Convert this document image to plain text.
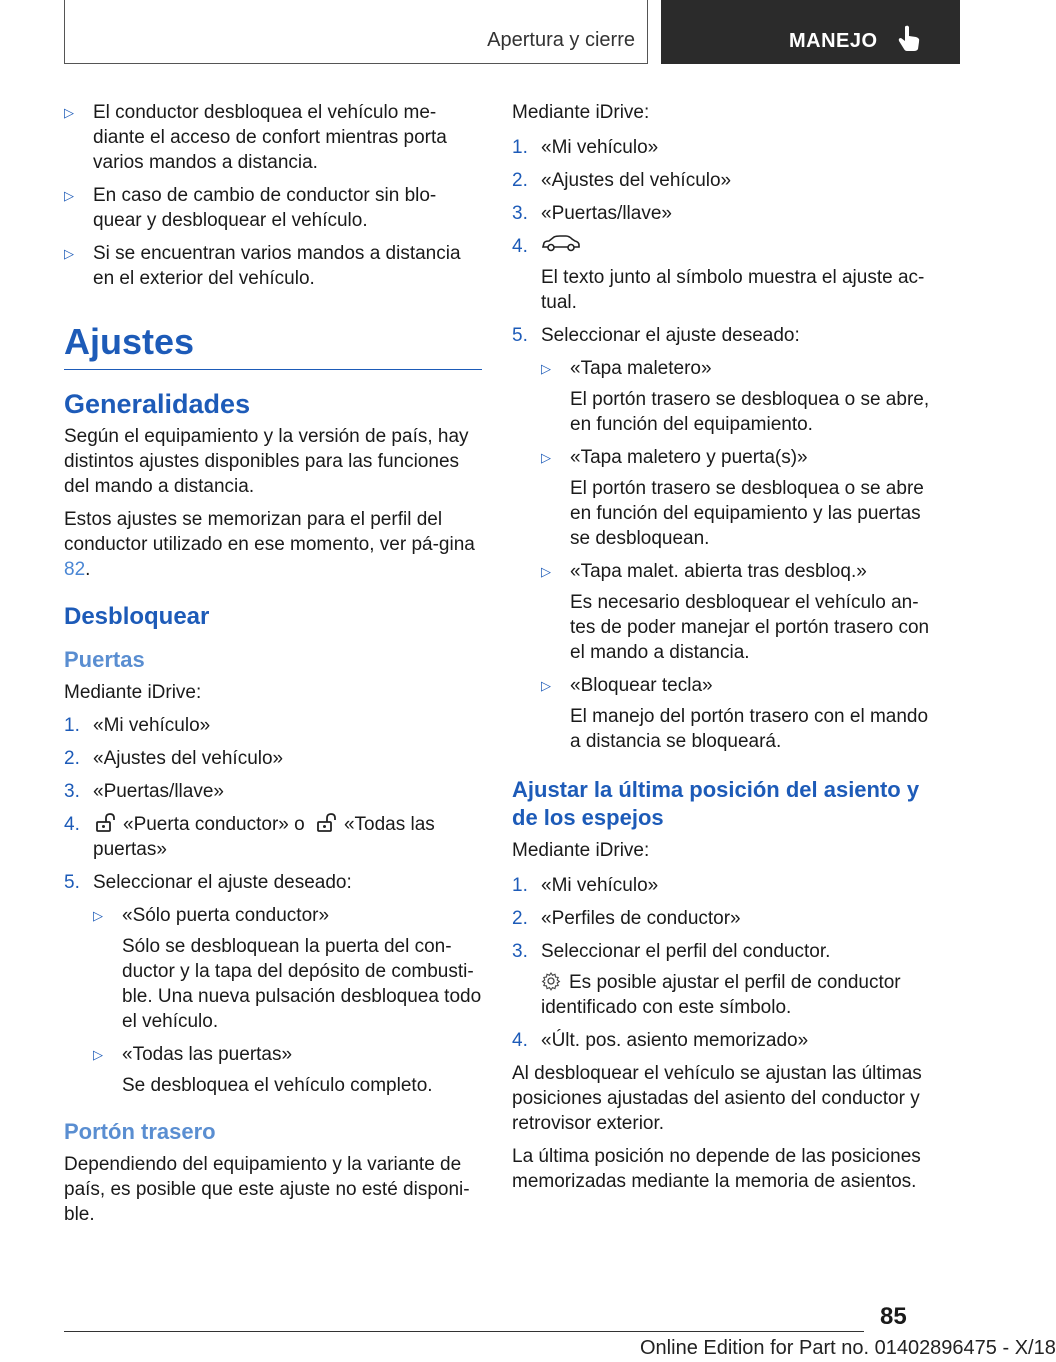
Apertura y cierre	MANEJO
▷ El conductor desbloquea el vehículo me-diante el acceso de confort mientras porta varios mandos a distancia.
▷ En caso de cambio de conductor sin blo-quear y desbloquear el vehículo.
▷ Si se encuentran varios mandos a distancia en el exterior del vehículo.
Ajustes
Generalidades

Según el equipamiento y la versión de país, hay distintos ajustes disponibles para las funciones del mando a distancia.

Estos ajustes se memorizan para el perfil del conductor utilizado en ese momento, ver pá-gina 82.

Desbloquear
Puertas

Mediante iDrive:

1. «Mi vehículo»
2. «Ajustes del vehículo»
3. «Puertas/llave»
4. «Puerta conductor» o «Todas las puertas»
5. Seleccionar el ajuste deseado:
▷ «Sólo puerta conductor»

Sólo se desbloquean la puerta del con-ductor y la tapa del depósito de combusti-ble. Una nueva pulsación desbloquea todo el vehículo.

▷ «Todas las puertas»

Se desbloquea el vehículo completo.

Portón trasero

Dependiendo del equipamiento y la variante de país, es posible que este ajuste no esté disponi-ble.

Mediante iDrive:

1. «Mi vehículo»
2. «Ajustes del vehículo»
3. «Puertas/llave»
4.

El texto junto al símbolo muestra el ajuste ac-tual.

5. Seleccionar el ajuste deseado:
▷ «Tapa maletero»

El portón trasero se desbloquea o se abre, en función del equipamiento.

▷ «Tapa maletero y puerta(s)»

El portón trasero se desbloquea o se abre en función del equipamiento y las puertas se desbloquean.

▷ «Tapa malet. abierta tras desbloq.»

Es necesario desbloquear el vehículo an-tes de poder manejar el portón trasero con el mando a distancia.

▷ «Bloquear tecla»

El manejo del portón trasero con el mando a distancia se bloqueará.

Ajustar la última posición del asiento y de los espejos

Mediante iDrive:

1. «Mi vehículo»
2. «Perfiles de conductor»
3. Seleccionar el perfil del conductor.

Es posible ajustar el perfil de conductor identificado con este símbolo.

4. «Últ. pos. asiento memorizado»

Al desbloquear el vehículo se ajustan las últimas posiciones ajustadas del asiento del conductor y retrovisor exterior.

La última posición no depende de las posiciones memorizadas mediante la memoria de asientos.

85
Online Edition for Part no. 01402896475 - X/18
